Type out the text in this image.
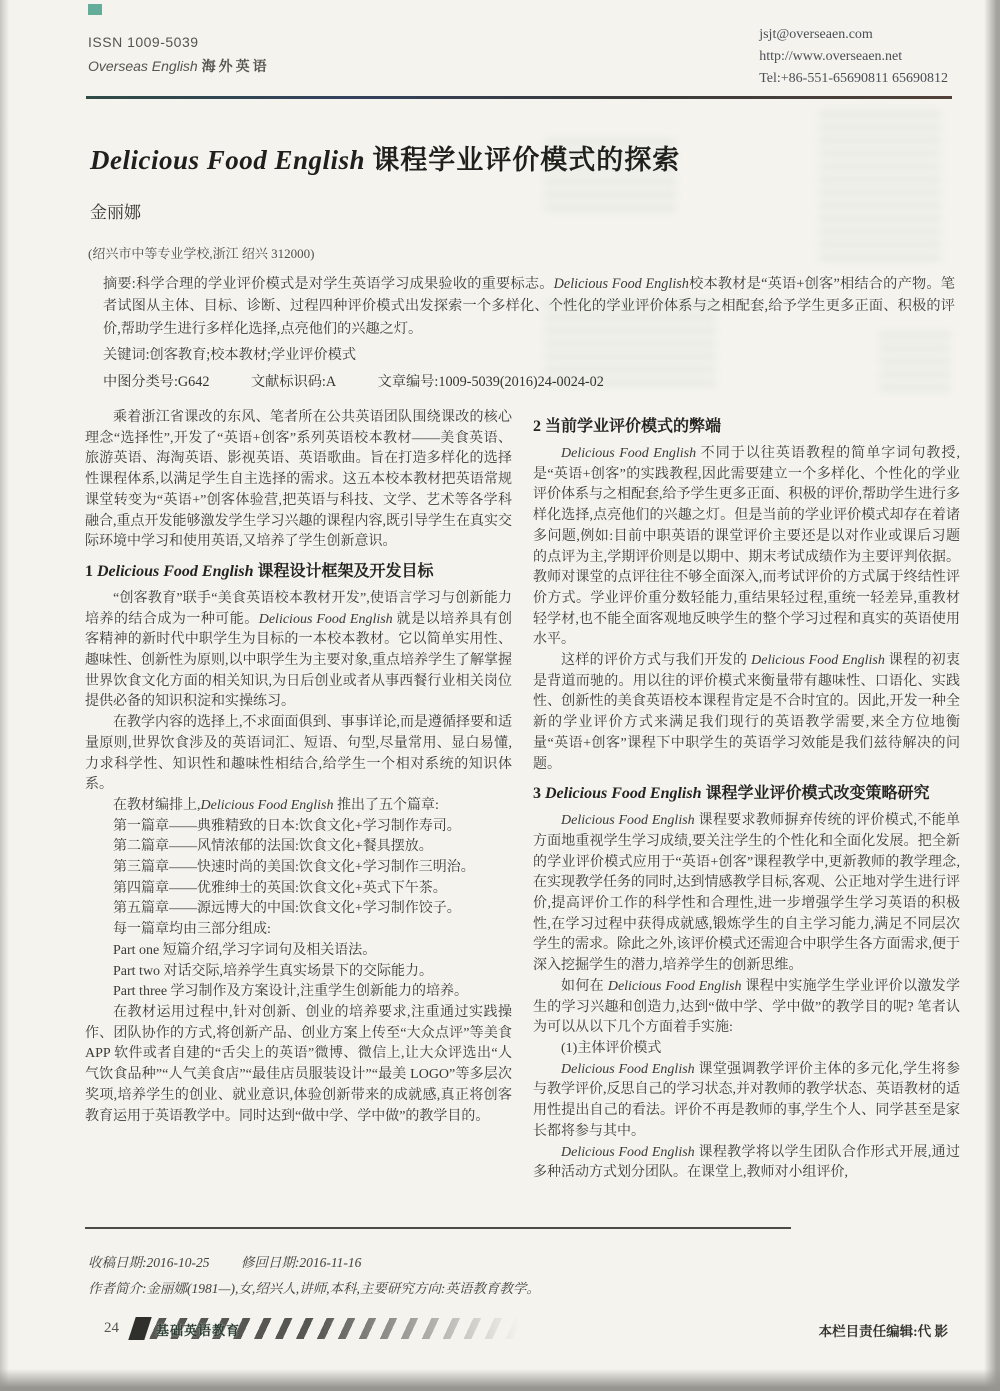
ISSN 1009-5039
Overseas English 海外英语
jsjt@overseaen.com
http://www.overseaen.net
Tel:+86-551-65690811 65690812
Delicious Food English 课程学业评价模式的探索
金丽娜
(绍兴市中等专业学校,浙江 绍兴 312000)
摘要:科学合理的学业评价模式是对学生英语学习成果验收的重要标志。Delicious Food English校本教材是“英语+创客”相结合的产物。笔者试图从主体、目标、诊断、过程四种评价模式出发探索一个多样化、个性化的学业评价体系与之相配套,给予学生更多正面、积极的评价,帮助学生进行多样化选择,点亮他们的兴趣之灯。
关键词:创客教育;校本教材;学业评价模式
中图分类号:G642	文献标识码:A	文章编号:1009-5039(2016)24-0024-02

乘着浙江省课改的东风、笔者所在公共英语团队围绕课改的核心理念“选择性”,开发了“英语+创客”系列英语校本教材——美食英语、旅游英语、海淘英语、影视英语、英语歌曲。旨在打造多样化的选择性课程体系,以满足学生自主选择的需求。这五本校本教材把英语常规课堂转变为“英语+”创客体验营,把英语与科技、文学、艺术等各学科融合,重点开发能够激发学生学习兴趣的课程内容,既引导学生在真实交际环境中学习和使用英语,又培养了学生创新意识。

1 Delicious Food English 课程设计框架及开发目标

“创客教育”联手“美食英语校本教材开发”,使语言学习与创新能力培养的结合成为一种可能。Delicious Food English 就是以培养具有创客精神的新时代中职学生为目标的一本校本教材。它以简单实用性、趣味性、创新性为原则,以中职学生为主要对象,重点培养学生了解掌握世界饮食文化方面的相关知识,为日后创业或者从事西餐行业相关岗位提供必备的知识积淀和实操练习。

在教学内容的选择上,不求面面俱到、事事详论,而是遵循择要和适量原则,世界饮食涉及的英语词汇、短语、句型,尽量常用、显白易懂,力求科学性、知识性和趣味性相结合,给学生一个相对系统的知识体系。

在教材编排上,Delicious Food English 推出了五个篇章:

第一篇章——典雅精致的日本:饮食文化+学习制作寿司。

第二篇章——风情浓郁的法国:饮食文化+餐具摆放。

第三篇章——快速时尚的美国:饮食文化+学习制作三明治。

第四篇章——优雅绅士的英国:饮食文化+英式下午茶。

第五篇章——源远博大的中国:饮食文化+学习制作饺子。

每一篇章均由三部分组成:

Part one 短篇介绍,学习字词句及相关语法。

Part two 对话交际,培养学生真实场景下的交际能力。

Part three 学习制作及方案设计,注重学生创新能力的培养。

在教材运用过程中,针对创新、创业的培养要求,注重通过实践操作、团队协作的方式,将创新产品、创业方案上传至“大众点评”等美食 APP 软件或者自建的“舌尖上的英语”微博、微信上,让大众评选出“人气饮食品种”“人气美食店”“最佳店员服装设计”“最美 LOGO”等多层次奖项,培养学生的创业、就业意识,体验创新带来的成就感,真正将创客教育运用于英语教学中。同时达到“做中学、学中做”的教学目的。

2 当前学业评价模式的弊端

Delicious Food English 不同于以往英语教程的简单字词句教授,是“英语+创客”的实践教程,因此需要建立一个多样化、个性化的学业评价体系与之相配套,给予学生更多正面、积极的评价,帮助学生进行多样化选择,点亮他们的兴趣之灯。但是当前的学业评价模式却存在着诸多问题,例如:目前中职英语的课堂评价主要还是以对作业或课后习题的点评为主,学期评价则是以期中、期末考试成绩作为主要评判依据。教师对课堂的点评往往不够全面深入,而考试评价的方式属于终结性评价方式。学业评价重分数轻能力,重结果轻过程,重统一轻差异,重教材轻学材,也不能全面客观地反映学生的整个学习过程和真实的英语使用水平。

这样的评价方式与我们开发的 Delicious Food English 课程的初衷是背道而驰的。用以往的评价模式来衡量带有趣味性、口语化、实践性、创新性的美食英语校本课程肯定是不合时宜的。因此,开发一种全新的学业评价方式来满足我们现行的英语教学需要,来全方位地衡量“英语+创客”课程下中职学生的英语学习效能是我们兹待解决的问题。

3 Delicious Food English 课程学业评价模式改变策略研究

Delicious Food English 课程要求教师摒弃传统的评价模式,不能单方面地重视学生学习成绩,要关注学生的个性化和全面化发展。把全新的学业评价模式应用于“英语+创客”课程教学中,更新教师的教学理念,在实现教学任务的同时,达到情感教学目标,客观、公正地对学生进行评价,提高评价工作的科学性和合理性,进一步增强学生学习英语的积极性,在学习过程中获得成就感,锻炼学生的自主学习能力,满足不同层次学生的需求。除此之外,该评价模式还需迎合中职学生各方面需求,便于深入挖掘学生的潜力,培养学生的创新思维。

如何在 Delicious Food English 课程中实施学生学业评价以激发学生的学习兴趣和创造力,达到“做中学、学中做”的教学目的呢? 笔者认为可以从以下几个方面着手实施:

(1)主体评价模式

Delicious Food English 课堂强调教学评价主体的多元化,学生将参与教学评价,反思自己的学习状态,并对教师的教学状态、英语教材的适用性提出自己的看法。评价不再是教师的事,学生个人、同学甚至是家长都将参与其中。

Delicious Food English 课程教学将以学生团队合作形式开展,通过多种活动方式划分团队。在课堂上,教师对小组评价,

收稿日期:2016-10-25 修回日期:2016-11-16
作者简介:金丽娜(1981—),女,绍兴人,讲师,本科,主要研究方向:英语教育教学。
24	基础英语教育	本栏目责任编辑:代 影
